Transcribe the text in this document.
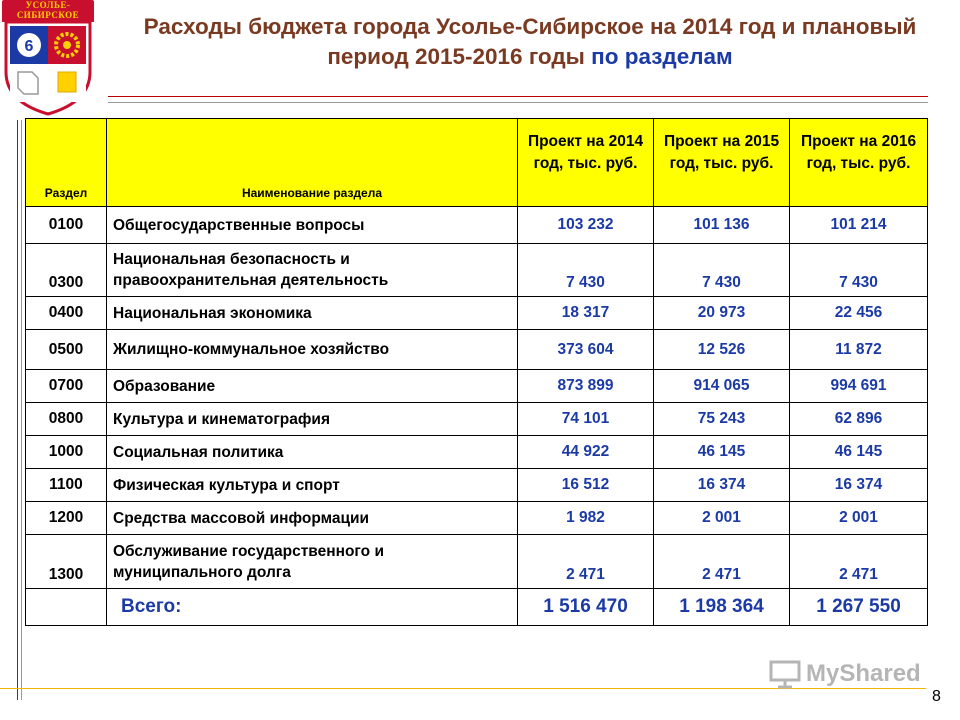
УСОЛЬЕ-
СИБИРСКОЕ
6
Расходы бюджета города Усолье-Сибирское на 2014 год и плановый период 2015-2016 годы по разделам
Раздел	Наименование раздела	Проект на 2014 год, тыс. руб.	Проект на 2015 год, тыс. руб.	Проект на 2016 год, тыс. руб.
0100	Общегосударственные вопросы	103 232	101 136	101 214
0300	Национальная безопасность и правоохранительная деятельность	7 430	7 430	7 430
0400	Национальная экономика	18 317	20 973	22 456
0500	Жилищно-коммунальное хозяйство	373 604	12 526	11 872
0700	Образование	873 899	914 065	994 691
0800	Культура и кинематография	74 101	75 243	62 896
1000	Социальная политика	44 922	46 145	46 145
1100	Физическая культура и спорт	16 512	16 374	16 374
1200	Средства массовой информации	1 982	2 001	2 001
1300	Обслуживание государственного и муниципального долга	2 471	2 471	2 471
	Всего:	1 516 470	1 198 364	1 267 550
MyShared
8
